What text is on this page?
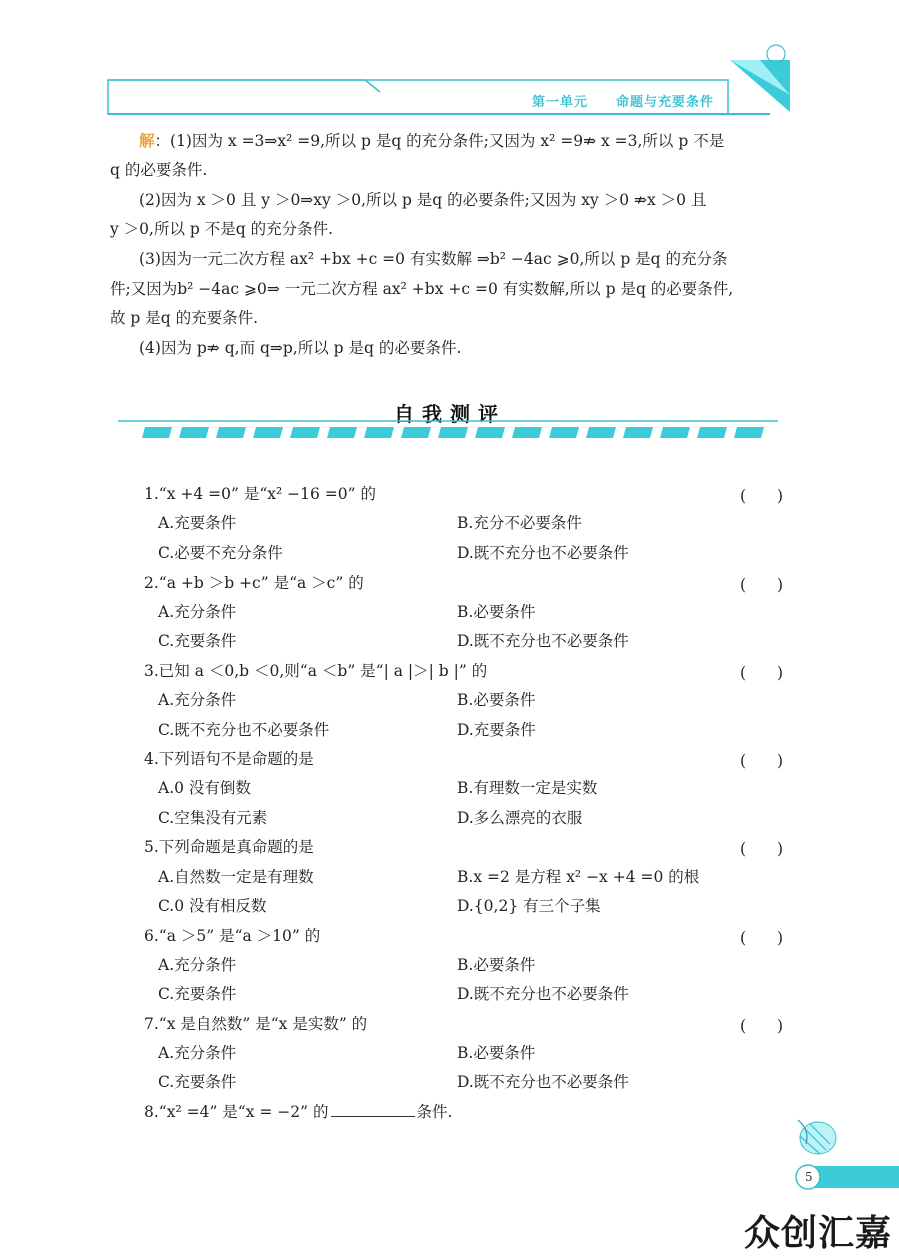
第一单元 命题与充要条件
解：(1)因为 x =3⇒x² =9,所以 p 是q 的充分条件;又因为 x² =9⇏ x =3,所以 p 不是
q 的必要条件.
(2)因为 x ＞0 且 y ＞0⇒xy ＞0,所以 p 是q 的必要条件;又因为 xy ＞0 ⇏x ＞0 且
y ＞0,所以 p 不是q 的充分条件.
(3)因为一元二次方程 ax² +bx +c =0 有实数解 ⇒b² −4ac ⩾0,所以 p 是q 的充分条
件;又因为b² −4ac ⩾0⇒ 一元二次方程 ax² +bx +c =0 有实数解,所以 p 是q 的必要条件,
故 p 是q 的充要条件.
(4)因为 p⇏ q,而 q⇒p,所以 p 是q 的必要条件.
自我测评
1.“x +4 =0” 是“x² −16 =0” 的	(　　)
A.充要条件	B.充分不必要条件
C.必要不充分条件	D.既不充分也不必要条件
2.“a +b ＞b +c” 是“a ＞c” 的	(　　)
A.充分条件	B.必要条件
C.充要条件	D.既不充分也不必要条件
3.已知 a ＜0,b ＜0,则“a ＜b” 是“| a |＞| b |” 的	(　　)
A.充分条件	B.必要条件
C.既不充分也不必要条件	D.充要条件
4.下列语句不是命题的是	(　　)
A.0 没有倒数	B.有理数一定是实数
C.空集没有元素	D.多么漂亮的衣服
5.下列命题是真命题的是	(　　)
A.自然数一定是有理数	B.x =2 是方程 x² −x +4 =0 的根
C.0 没有相反数	D.{0,2} 有三个子集
6.“a ＞5” 是“a ＞10” 的	(　　)
A.充分条件	B.必要条件
C.充要条件	D.既不充分也不必要条件
7.“x 是自然数” 是“x 是实数” 的	(　　)
A.充分条件	B.必要条件
C.充要条件	D.既不充分也不必要条件
8.“x² =4” 是“x = −2” 的	条件.
5
众创汇嘉
